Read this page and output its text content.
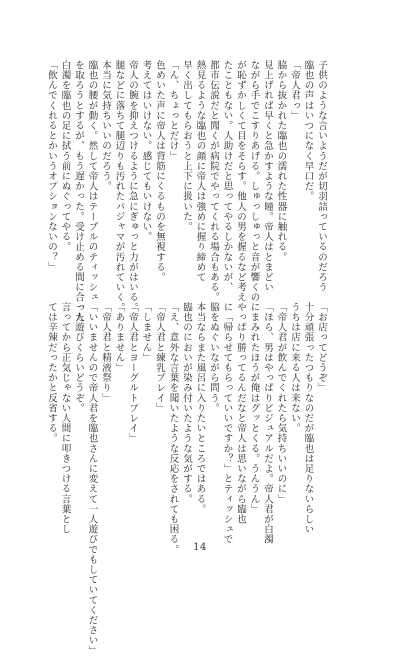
子供のような言いようだが切羽詰っているのだろう
臨也の声はいつになく早口だ。
「帝人君っ」
脇から抜かれた臨也の濡れた性器に触れる。
見上げれば早くと急かすような瞳。帝人はとまどい
ながら手でこすりあげる。しゅっしゅっと音が響くの
が恥ずかしくて目をそらす。他人の男を握るなど考え
たこともない。人助けだと思ってやるしかないが、
都市伝説だと聞くが病院でやってくれる場合もある。
熱見るような臨也の顔に帝人は強めに握り締めて
早く出してもらおうと上下に扱いた。
「ん、ちょっとだけ」
色めいた声に帝人は背筋にくるものを無視する。
考えてはいけない。感じてもいけない。
帝人の腕を抑えつけるように急にぎゅっと力がはいる。
腿などに落ちて腿辺りも汚れたパジャマが汚れていく。
本当に気持ちいいのだろう。
臨也の腰が動く。然して帝人はテーブルのティッシュ
を取ろうとするが、もう遅かった。受け止める間に合った
白濁を臨也の足に拭う前にぬぐってやる。
「飲んでくれるとかいうオプションないの？」
「お店ってどうぞ」
十分頑張ったつもりなのだが臨也は足りないらしい
うちは店に来る人は来ない。
「帝人君が飲んでくれたら気持ちいいのに」
「ほら、男はやっぱりビジュアルだよ。帝人君が白濁
にまみれたほうが俺はグッとくる。うんうん」
やっぱり勝ってるんだなと帝人は思いながら臨也
に「帰らせてもらっていいですか？」とティッシュで
脇をぬぐいながら問う。
本当ならまた風呂に入りたいところではある。
臨也のにおいが染み付いたような気がする。
「え、意外な言葉を聞いたような反応をされても困る。
「帝人君と練乳プレイ」
「しません」
「帝人君とヨーグルトプレイ」
「ありません」
「帝人君と精液祭り」
「いいませんので帝人君を臨也さんに変えて一人遊びでもしていてください」
一人遊びくらいどうぞ。
言ってから正気じゃない人間に叩きつける言葉とし
ては辛辣だったかと反省する。
14
